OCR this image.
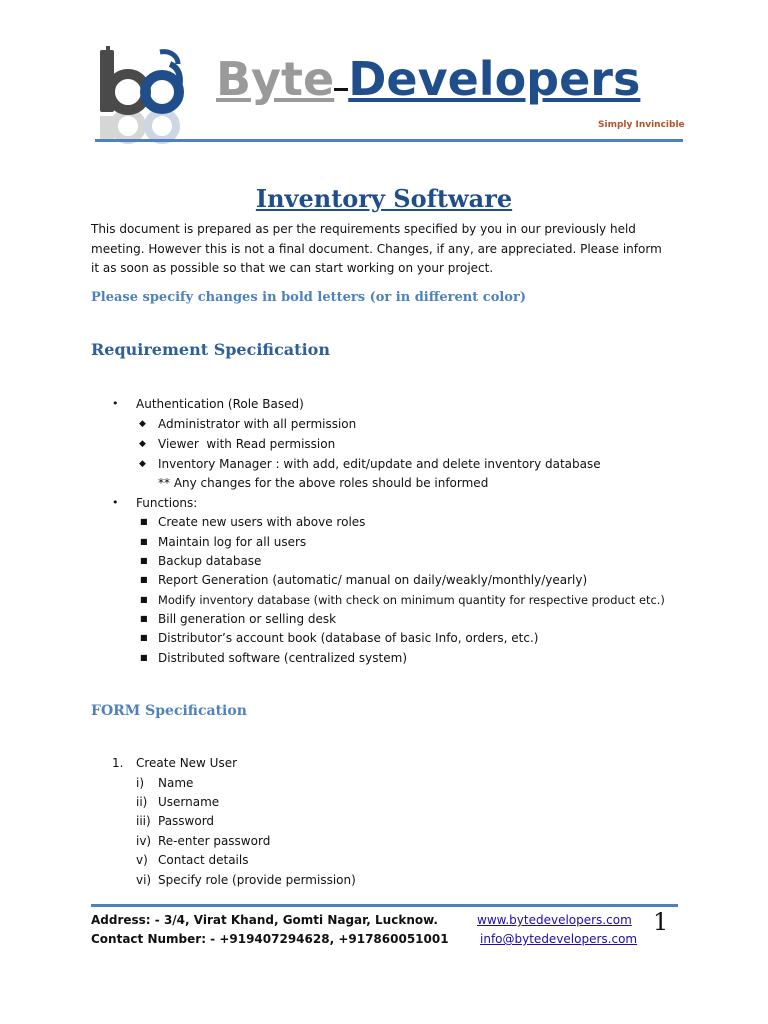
Byte Developers
Simply Invincible
Inventory Software
This document is prepared as per the requirements specified by you in our previously held meeting. However this is not a final document. Changes, if any, are appreciated. Please inform it as soon as possible so that we can start working on your project.
Please specify changes in bold letters (or in different color)
Requirement Specification
• Authentication (Role Based)
◆ Administrator with all permission
◆ Viewer  with Read permission
◆ Inventory Manager : with add, edit/update and delete inventory database
** Any changes for the above roles should be informed
• Functions:
■ Create new users with above roles
■ Maintain log for all users
■ Backup database
■ Report Generation (automatic/ manual on daily/weakly/monthly/yearly)
■ Modify inventory database (with check on minimum quantity for respective product etc.)
■ Bill generation or selling desk
■ Distributor’s account book (database of basic Info, orders, etc.)
■ Distributed software (centralized system)
FORM Specification
1. Create New User
i) Name
ii) Username
iii) Password
iv) Re-enter password
v) Contact details
vi) Specify role (provide permission)
Address: - 3/4, Virat Khand, Gomti Nagar, Lucknow.
Contact Number: - +919407294628, +917860051001
www.bytedevelopers.com
info@bytedevelopers.com
1
